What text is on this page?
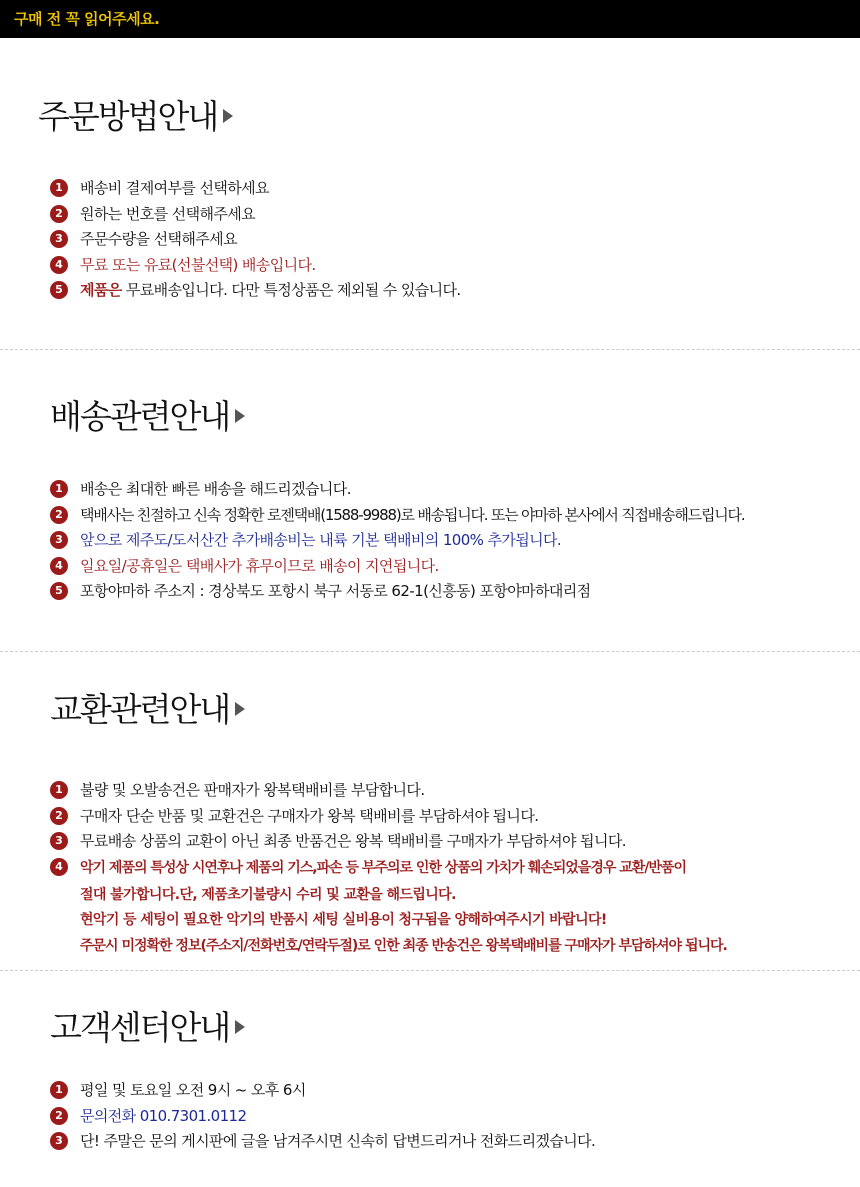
구매 전 꼭 읽어주세요.
주문방법안내
1	배송비 결제여부를 선택하세요
2	원하는 번호를 선택해주세요
3	주문수량을 선택해주세요
4	무료 또는 유료(선불선택) 배송입니다.
5	제품은 무료배송입니다. 다만 특정상품은 제외될 수 있습니다.
배송관련안내
1	배송은 최대한 빠른 배송을 해드리겠습니다.
2	택배사는 친절하고 신속 정확한 로젠택배(1588-9988)로 배송됩니다. 또는 야마하 본사에서 직접배송해드립니다.
3	앞으로 제주도/도서산간 추가배송비는 내륙 기본 택배비의 100% 추가됩니다.
4	일요일/공휴일은 택배사가 휴무이므로 배송이 지연됩니다.
5	포항야마하 주소지 : 경상북도 포항시 북구 서동로 62-1(신흥동) 포항야마하대리점
교환관련안내
1	불량 및 오발송건은 판매자가 왕복택배비를 부담합니다.
2	구매자 단순 반품 및 교환건은 구매자가 왕복 택배비를 부담하셔야 됩니다.
3	무료배송 상품의 교환이 아닌 최종 반품건은 왕복 택배비를 구매자가 부담하셔야 됩니다.
4	악기 제품의 특성상 시연후나 제품의 기스,파손 등 부주의로 인한 상품의 가치가 훼손되었을경우 교환/반품이
절대 불가합니다.단, 제품초기불량시 수리 및 교환을 해드립니다.
현악기 등 세팅이 필요한 악기의 반품시 세팅 실비용이 청구됨을 양해하여주시기 바랍니다!
주문시 미정확한 정보(주소지/전화번호/연락두절)로 인한 최종 반송건은 왕복택배비를 구매자가 부담하셔야 됩니다.
고객센터안내
1	평일 및 토요일 오전 9시 ~ 오후 6시
2	문의전화 010.7301.0112
3	단! 주말은 문의 게시판에 글을 남겨주시면 신속히 답변드리거나 전화드리겠습니다.
